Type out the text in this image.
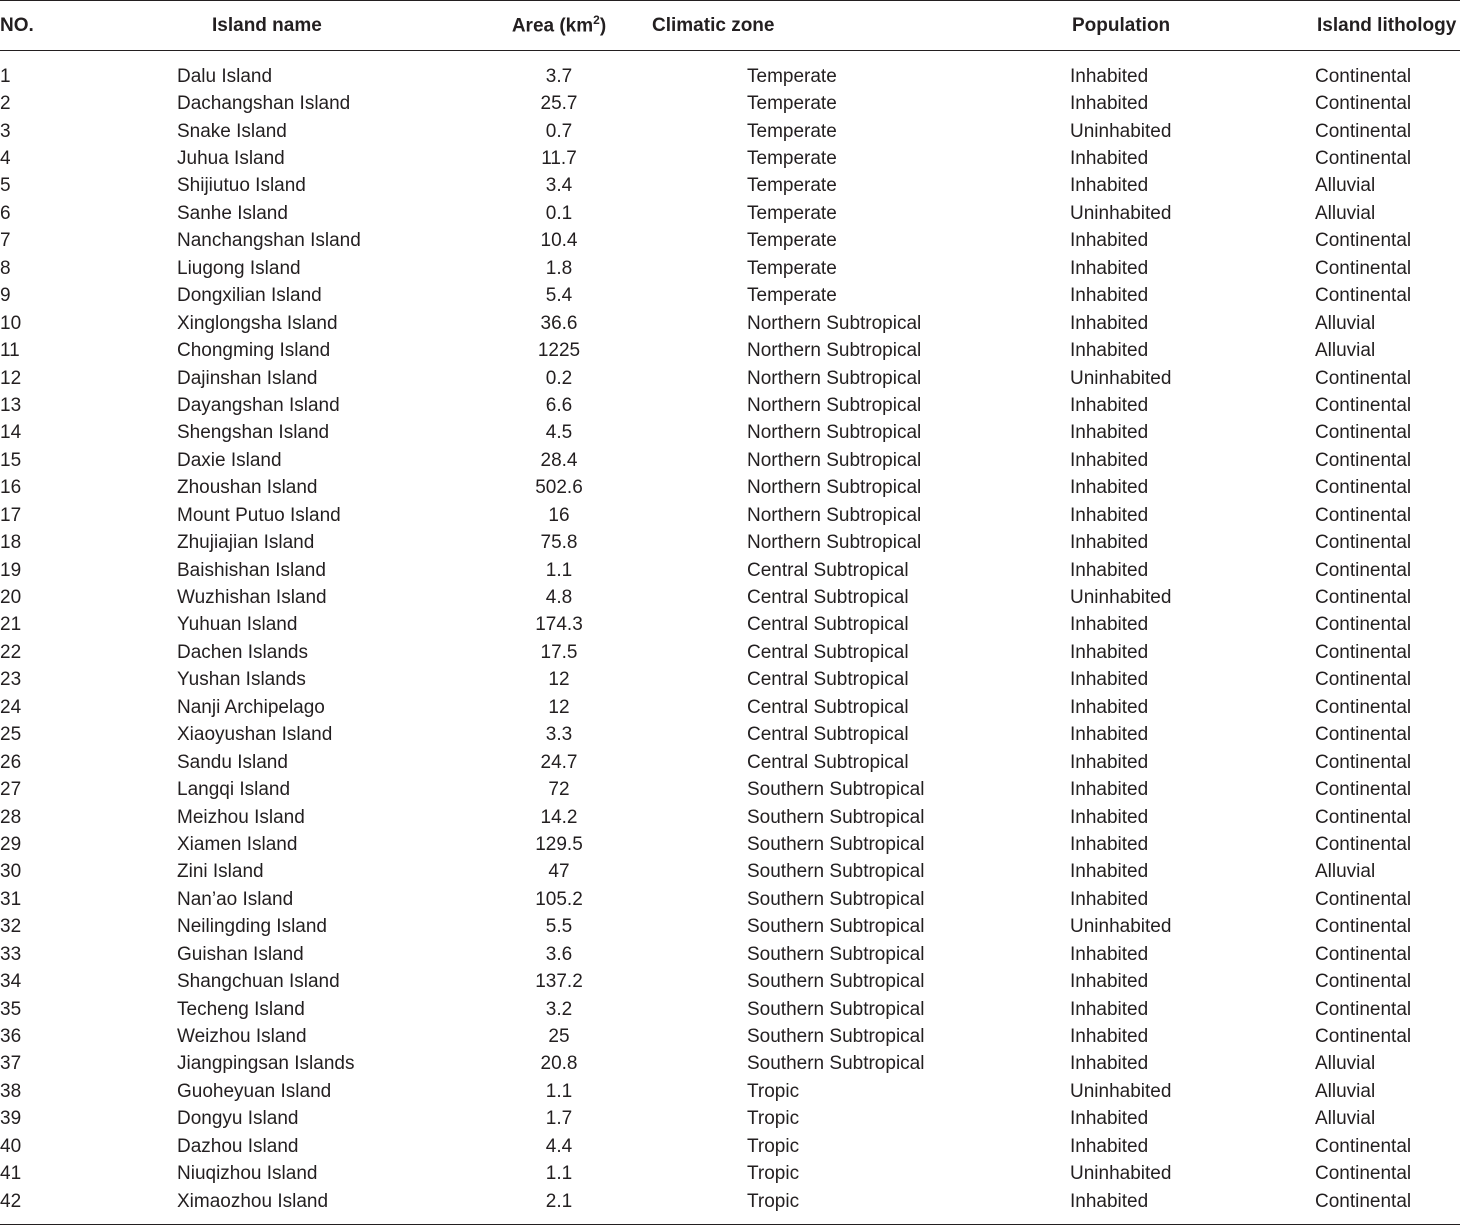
NO.	Island name	Area $(km^2)$	Climatic zone	Population	Island lithology

1	Dalu Island	3.7	Temperate	Inhabited	Continental
2	Dachangshan Island	25.7	Temperate	Inhabited	Continental
3	Snake Island	0.7	Temperate	Uninhabited	Continental
4	Juhua Island	11.7	Temperate	Inhabited	Continental
5	Shijiutuo Island	3.4	Temperate	Inhabited	Alluvial
6	Sanhe Island	0.1	Temperate	Uninhabited	Alluvial
7	Nanchangshan Island	10.4	Temperate	Inhabited	Continental
8	Liugong Island	1.8	Temperate	Inhabited	Continental
9	Dongxilian Island	5.4	Temperate	Inhabited	Continental
10	Xinglongsha Island	36.6	Northern Subtropical	Inhabited	Alluvial
11	Chongming Island	1225	Northern Subtropical	Inhabited	Alluvial
12	Dajinshan Island	0.2	Northern Subtropical	Uninhabited	Continental
13	Dayangshan Island	6.6	Northern Subtropical	Inhabited	Continental
14	Shengshan Island	4.5	Northern Subtropical	Inhabited	Continental
15	Daxie Island	28.4	Northern Subtropical	Inhabited	Continental
16	Zhoushan Island	502.6	Northern Subtropical	Inhabited	Continental
17	Mount Putuo Island	16	Northern Subtropical	Inhabited	Continental
18	Zhujiajian Island	75.8	Northern Subtropical	Inhabited	Continental
19	Baishishan Island	1.1	Central Subtropical	Inhabited	Continental
20	Wuzhishan Island	4.8	Central Subtropical	Uninhabited	Continental
21	Yuhuan Island	174.3	Central Subtropical	Inhabited	Continental
22	Dachen Islands	17.5	Central Subtropical	Inhabited	Continental
23	Yushan Islands	12	Central Subtropical	Inhabited	Continental
24	Nanji Archipelago	12	Central Subtropical	Inhabited	Continental
25	Xiaoyushan Island	3.3	Central Subtropical	Inhabited	Continental
26	Sandu Island	24.7	Central Subtropical	Inhabited	Continental
27	Langqi Island	72	Southern Subtropical	Inhabited	Continental
28	Meizhou Island	14.2	Southern Subtropical	Inhabited	Continental
29	Xiamen Island	129.5	Southern Subtropical	Inhabited	Continental
30	Zini Island	47	Southern Subtropical	Inhabited	Alluvial
31	Nan’ao Island	105.2	Southern Subtropical	Inhabited	Continental
32	Neilingding Island	5.5	Southern Subtropical	Uninhabited	Continental
33	Guishan Island	3.6	Southern Subtropical	Inhabited	Continental
34	Shangchuan Island	137.2	Southern Subtropical	Inhabited	Continental
35	Techeng Island	3.2	Southern Subtropical	Inhabited	Continental
36	Weizhou Island	25	Southern Subtropical	Inhabited	Continental
37	Jiangpingsan Islands	20.8	Southern Subtropical	Inhabited	Alluvial
38	Guoheyuan Island	1.1	Tropic	Uninhabited	Alluvial
39	Dongyu Island	1.7	Tropic	Inhabited	Alluvial
40	Dazhou Island	4.4	Tropic	Inhabited	Continental
41	Niuqizhou Island	1.1	Tropic	Uninhabited	Continental
42	Ximaozhou Island	2.1	Tropic	Inhabited	Continental
